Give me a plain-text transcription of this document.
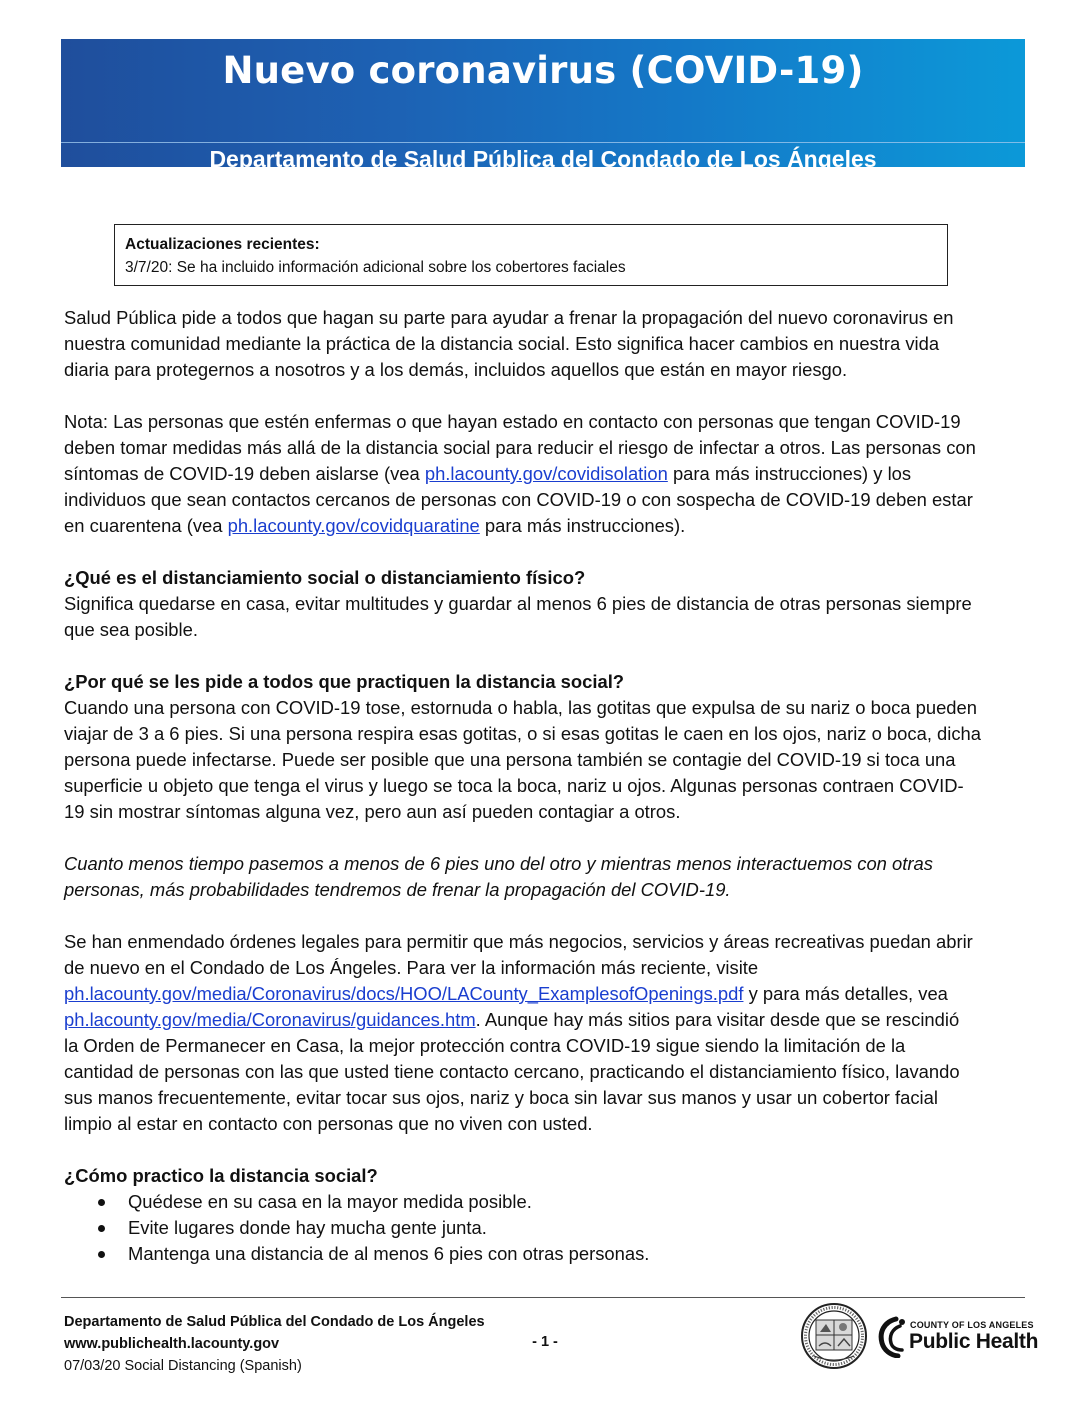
Nuevo coronavirus (COVID-19)
Departamento de Salud Pública del Condado de Los Ángeles
Guía de distancia social
Actualizaciones recientes:
3/7/20: Se ha incluido información adicional sobre los cobertores faciales

Salud Pública pide a todos que hagan su parte para ayudar a frenar la propagación del nuevo coronavirus en
nuestra comunidad mediante la práctica de la distancia social. Esto significa hacer cambios en nuestra vida
diaria para protegernos a nosotros y a los demás, incluidos aquellos que están en mayor riesgo.

Nota: Las personas que estén enfermas o que hayan estado en contacto con personas que tengan COVID-19
deben tomar medidas más allá de la distancia social para reducir el riesgo de infectar a otros. Las personas con
síntomas de COVID-19 deben aislarse (vea ph.lacounty.gov/covidisolation para más instrucciones) y los
individuos que sean contactos cercanos de personas con COVID-19 o con sospecha de COVID-19 deben estar
en cuarentena (vea ph.lacounty.gov/covidquaratine para más instrucciones).

¿Qué es el distanciamiento social o distanciamiento físico?
Significa quedarse en casa, evitar multitudes y guardar al menos 6 pies de distancia de otras personas siempre
que sea posible.

¿Por qué se les pide a todos que practiquen la distancia social?
Cuando una persona con COVID-19 tose, estornuda o habla, las gotitas que expulsa de su nariz o boca pueden
viajar de 3 a 6 pies. Si una persona respira esas gotitas, o si esas gotitas le caen en los ojos, nariz o boca, dicha
persona puede infectarse. Puede ser posible que una persona también se contagie del COVID-19 si toca una
superficie u objeto que tenga el virus y luego se toca la boca, nariz u ojos. Algunas personas contraen COVID-
19 sin mostrar síntomas alguna vez, pero aun así pueden contagiar a otros.

Cuanto menos tiempo pasemos a menos de 6 pies uno del otro y mientras menos interactuemos con otras
personas, más probabilidades tendremos de frenar la propagación del COVID-19.

Se han enmendado órdenes legales para permitir que más negocios, servicios y áreas recreativas puedan abrir
de nuevo en el Condado de Los Ángeles. Para ver la información más reciente, visite
ph.lacounty.gov/media/Coronavirus/docs/HOO/LACounty_ExamplesofOpenings.pdf y para más detalles, vea
ph.lacounty.gov/media/Coronavirus/guidances.htm. Aunque hay más sitios para visitar desde que se rescindió
la Orden de Permanecer en Casa, la mejor protección contra COVID-19 sigue siendo la limitación de la
cantidad de personas con las que usted tiene contacto cercano, practicando el distanciamiento físico, lavando
sus manos frecuentemente, evitar tocar sus ojos, nariz y boca sin lavar sus manos y usar un cobertor facial
limpio al estar en contacto con personas que no viven con usted.

¿Cómo practico la distancia social?
Quédese en su casa en la mayor medida posible.
Evite lugares donde hay mucha gente junta.
Mantenga una distancia de al menos 6 pies con otras personas.
Departamento de Salud Pública del Condado de Los Ángeles
www.publichealth.lacounty.gov
07/03/20 Social Distancing (Spanish)
- 1 -
COUNTY OF LOS ANGELES
Public Health
